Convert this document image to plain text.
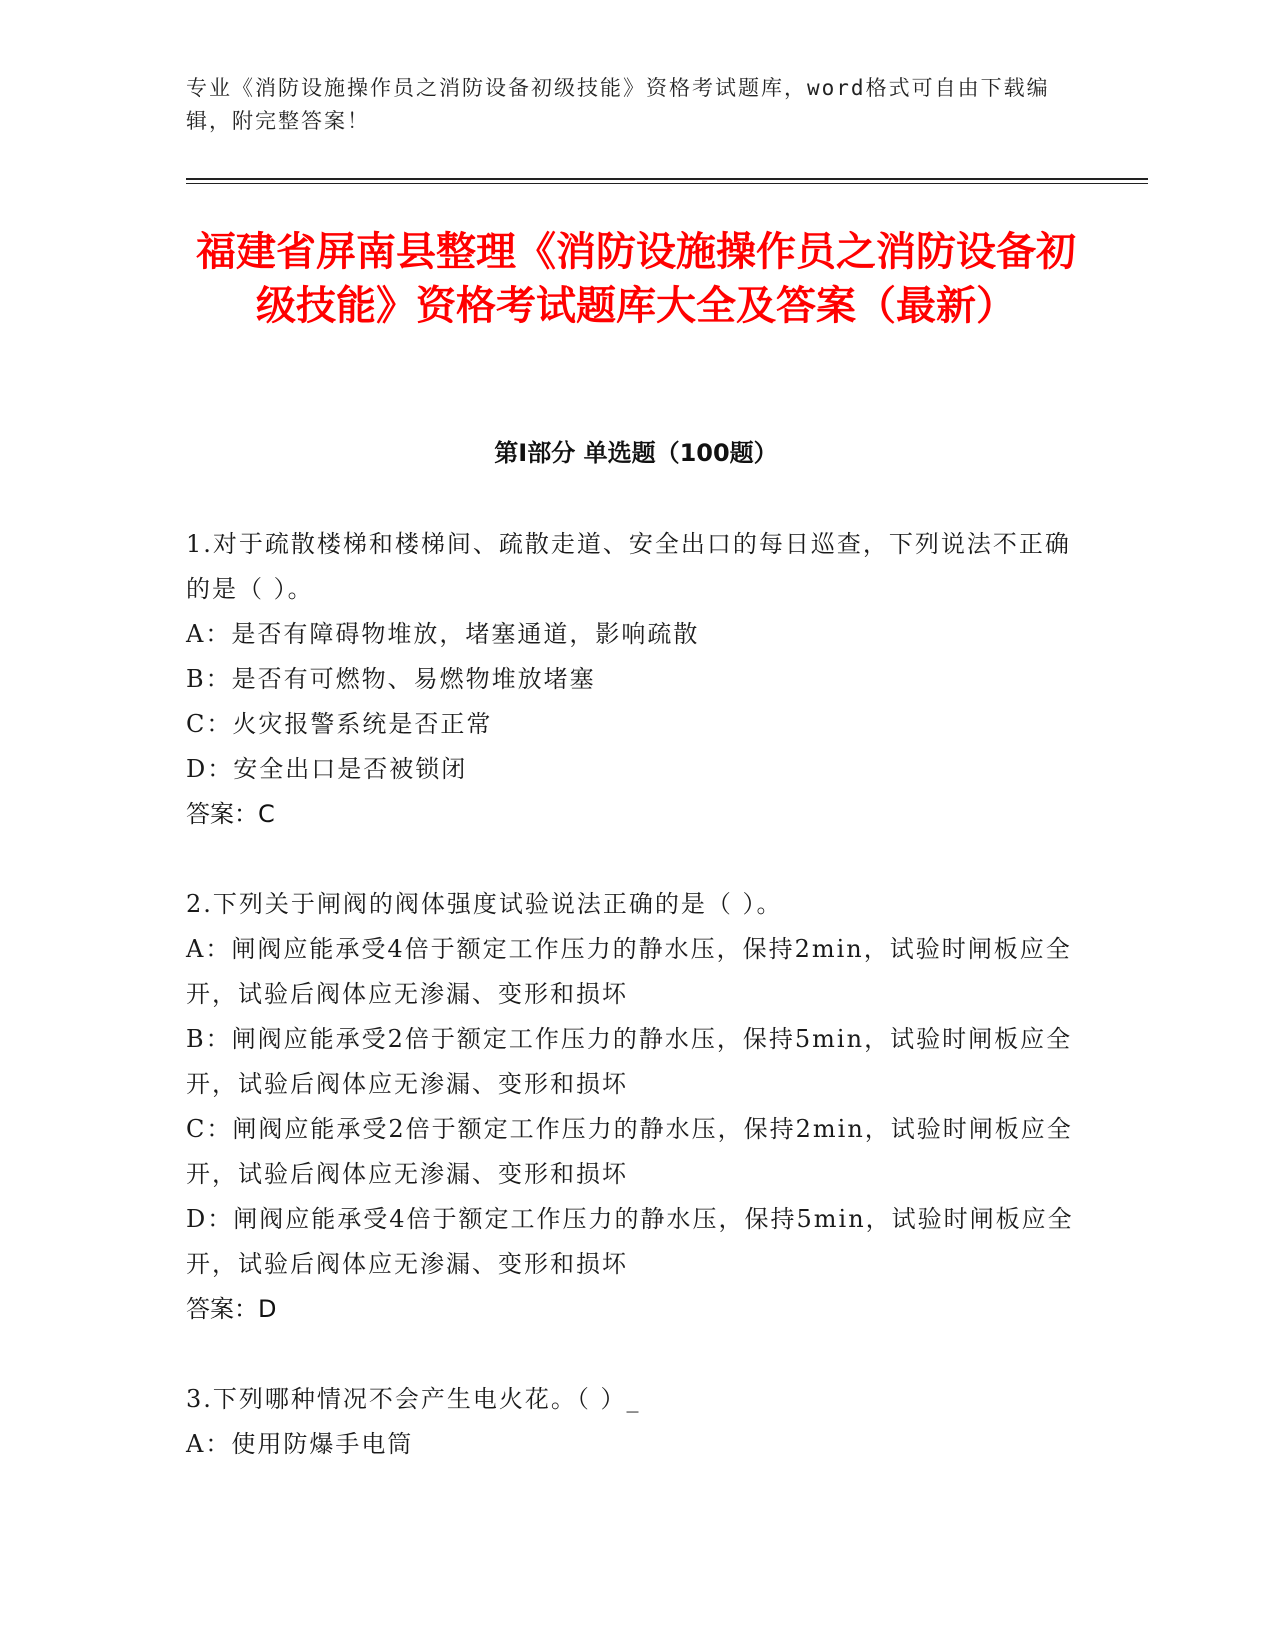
专业《消防设施操作员之消防设备初级技能》资格考试题库，word格式可自由下载编辑，附完整答案！
福建省屏南县整理《消防设施操作员之消防设备初级技能》资格考试题库大全及答案（最新）
第I部分 单选题（100题）
1.对于疏散楼梯和楼梯间、疏散走道、安全出口的每日巡查，下列说法不正确的是（ ）。
A：是否有障碍物堆放，堵塞通道，影响疏散
B：是否有可燃物、易燃物堆放堵塞
C：火灾报警系统是否正常
D：安全出口是否被锁闭
答案：C
2.下列关于闸阀的阀体强度试验说法正确的是（ ）。
A：闸阀应能承受4倍于额定工作压力的静水压，保持2min，试验时闸板应全开，试验后阀体应无渗漏、变形和损坏
B：闸阀应能承受2倍于额定工作压力的静水压，保持5min，试验时闸板应全开，试验后阀体应无渗漏、变形和损坏
C：闸阀应能承受2倍于额定工作压力的静水压，保持2min，试验时闸板应全开，试验后阀体应无渗漏、变形和损坏
D：闸阀应能承受4倍于额定工作压力的静水压，保持5min，试验时闸板应全开，试验后阀体应无渗漏、变形和损坏
答案：D
3.下列哪种情况不会产生电火花。（ ）_
A：使用防爆手电筒
